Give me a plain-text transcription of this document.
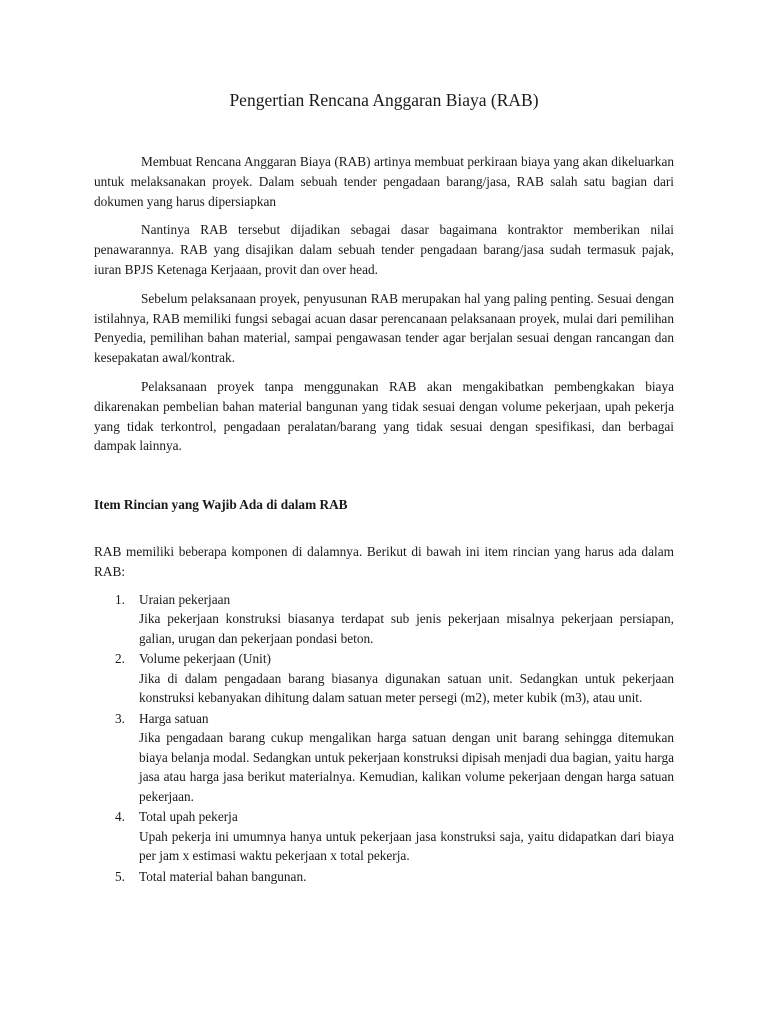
Pengertian Rencana Anggaran Biaya (RAB)

Membuat Rencana Anggaran Biaya (RAB) artinya membuat perkiraan biaya yang akan dikeluarkan untuk melaksanakan proyek. Dalam sebuah tender pengadaan barang/jasa, RAB salah satu bagian dari dokumen yang harus dipersiapkan

Nantinya RAB tersebut dijadikan sebagai dasar bagaimana kontraktor memberikan nilai penawarannya. RAB yang disajikan dalam sebuah tender pengadaan barang/jasa sudah termasuk pajak, iuran BPJS Ketenaga Kerjaaan, provit dan over head.

Sebelum pelaksanaan proyek, penyusunan RAB merupakan hal yang paling penting. Sesuai dengan istilahnya, RAB memiliki fungsi sebagai acuan dasar perencanaan pelaksanaan proyek, mulai dari pemilihan Penyedia, pemilihan bahan material, sampai pengawasan tender agar berjalan sesuai dengan rancangan dan kesepakatan awal/kontrak.

Pelaksanaan proyek tanpa menggunakan RAB akan mengakibatkan pembengkakan biaya dikarenakan pembelian bahan material bangunan yang tidak sesuai dengan volume pekerjaan, upah pekerja yang tidak terkontrol, pengadaan peralatan/barang yang tidak sesuai dengan spesifikasi, dan berbagai dampak lainnya.

Item Rincian yang Wajib Ada di dalam RAB

RAB memiliki beberapa komponen di dalamnya. Berikut di bawah ini item rincian yang harus ada dalam RAB:

1.	Uraian pekerjaan
Jika pekerjaan konstruksi biasanya terdapat sub jenis pekerjaan misalnya pekerjaan persiapan, galian, urugan dan pekerjaan pondasi beton.
2.	Volume pekerjaan (Unit)
Jika di dalam pengadaan barang biasanya digunakan satuan unit. Sedangkan untuk pekerjaan konstruksi kebanyakan dihitung dalam satuan meter persegi (m2), meter kubik (m3), atau unit.
3.	Harga satuan
Jika pengadaan barang cukup mengalikan harga satuan dengan unit barang sehingga ditemukan biaya belanja modal. Sedangkan untuk pekerjaan konstruksi dipisah menjadi dua bagian, yaitu harga jasa atau harga jasa berikut materialnya. Kemudian, kalikan volume pekerjaan dengan harga satuan pekerjaan.
4.	Total upah pekerja
Upah pekerja ini umumnya hanya untuk pekerjaan jasa konstruksi saja, yaitu didapatkan dari biaya per jam x estimasi waktu pekerjaan x total pekerja.
5.	Total material bahan bangunan.
